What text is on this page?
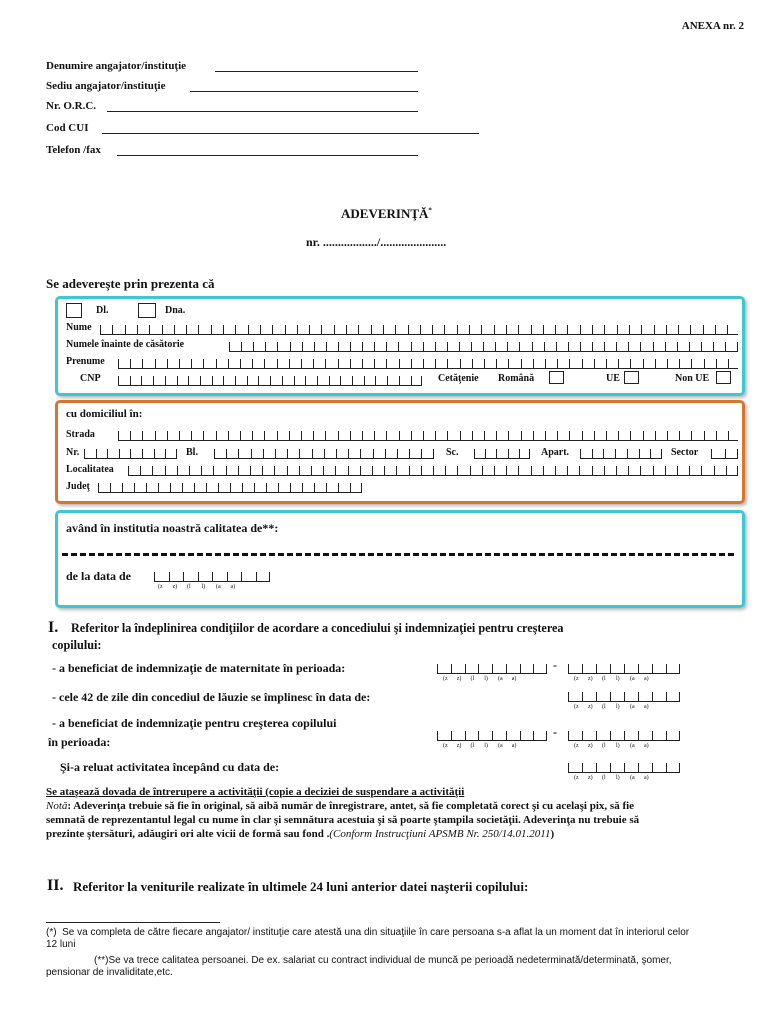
ANEXA nr. 2
Denumire angajator/instituţie
Sediu angajator/instituţie
Nr. O.R.C.
Cod CUI
Telefon /fax
ADEVERINŢĂ*
nr. ................../......................
Se adevereşte prin prezenta că
Dl.	Dna.
Nume
Numele înainte de căsătorie
Prenume
CNP	Cetăţenie Română	UE	Non UE
cu domiciliul în:
Strada
Nr.	Bl.	Sc.	Apart.	Sector
Localitatea
Judeţ
având în institutia noastră calitatea de**:
de la data de
(z z) (l l) (a a)
I. Referitor la îndeplinirea condiţiilor de acordare a concediului şi indemnizaţiei pentru creşterea
copilului:
- a beneficiat de indemnizaţie de maternitate în perioada:
(z z) (l l) (a a)
-
(z z) (l l) (a a)
- cele 42 de zile din concediul de lăuzie se împlinesc în data de:
(z z) (l l) (a a)
- a beneficiat de indemnizaţie pentru creşterea copilului
în perioada:	(z z) (l l) (a a)
-
(z z) (l l) (a a)
Şi-a reluat activitatea începând cu data de:
(z z) (l l) (a a)
Se ataşează dovada de întrerupere a activităţii (copie a deciziei de suspendare a activităţii
Notă: Adeverinţa trebuie să fie în original, să aibă număr de înregistrare, antet, să fie completată corect şi cu acelaşi pix, să fie
semnată de reprezentantul legal cu nume în clar şi semnătura acestuia şi să poarte ştampila societăţii. Adeverinţa nu trebuie să
prezinte ştersături, adăugiri ori alte vicii de formă sau fond .(Conform Instrucţiuni APSMB Nr. 250/14.01.2011)
II. Referitor la veniturile realizate în ultimele 24 luni anterior datei naşterii copilului:
(*) Se va completa de către fiecare angajator/ instituţie care atestă una din situaţiile în care persoana s-a aflat la un moment dat în interiorul celor
12 luni
(**)Se va trece calitatea persoanei. De ex. salariat cu contract individual de muncă pe perioadă nedeterminată/determinată, şomer,
pensionar de invaliditate,etc.
